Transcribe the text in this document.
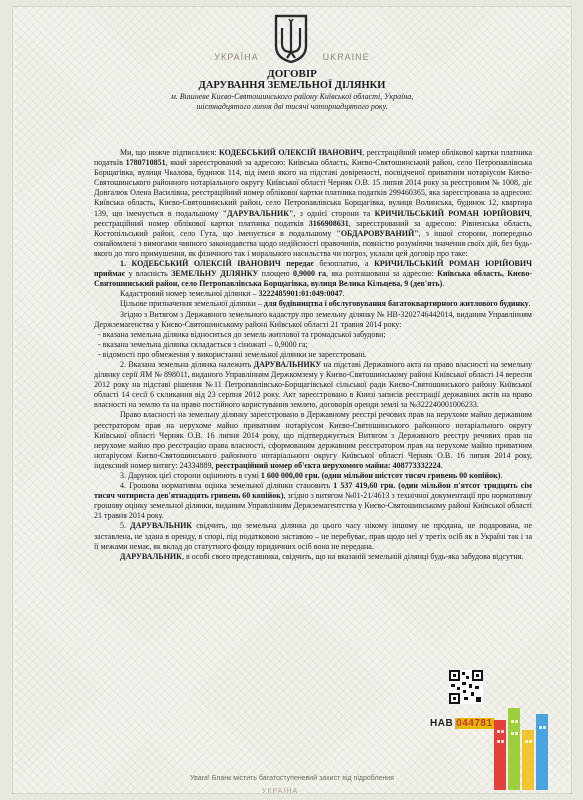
УКРАЇНА	UKRAINE
ДОГОВІР
ДАРУВАННЯ ЗЕМЕЛЬНОЇ ДІЛЯНКИ
м. Вишневе Києво-Святошинського району Київської області, Україна,
шістнадцятого липня дві тисячі чотирнадцятого року.

Ми, що нижче підписалися: КОДЕБСЬКИЙ ОЛЕКСІЙ ІВАНОВИЧ, реєстраційний номер облікової картки платника податків 1780710851, який зареєстрований за адресою: Київська область, Києво-Святошинський район, село Петропавлівська Борщагівка, вулиця Чкалова, будинок 114, від імені якого на підставі довіреності, посвідченої приватним нотаріусом Києво-Святошинського районного нотаріального округу Київської області Черняк О.В. 15 липня 2014 року за реєстровим № 1008, діє Довгалюк Олена Василівна, реєстраційний номер облікової картки платника податків 299460365, яка зареєстрована за адресою: Київська область, Києво-Святошинський район, село Петропавлівська Борщагівка, вулиця Волинська, будинок 12, квартира 139, що іменується в подальшому "ДАРУВАЛЬНИК", з однієї сторони та КРИЧИЛЬСЬКИЙ РОМАН ЮРІЙОВИЧ, реєстраційний номер облікової картки платника податків 3166908631, зареєстрований за адресою: Рівненська область, Костопільський район, село Гута, що іменується в подальшому "ОБДАРОВУВАНИЙ", з іншої сторони, попередньо ознайомлені з вимогами чинного законодавства щодо недійсності правочинів, повністю розуміючи значення своїх дій, без будь-якого до того примушення, як фізичного так і морального насильства чи погроз, уклали цей договір про таке:

1. КОДЕБСЬКИЙ ОЛЕКСІЙ ІВАНОВИЧ передає безоплатно, а КРИЧИЛЬСЬКИЙ РОМАН ЮРІЙОВИЧ приймає у власність ЗЕМЕЛЬНУ ДІЛЯНКУ площею 0,9000 га, яка розташована за адресою: Київська область, Києво-Святошинський район, село Петропавлівська Борщагівка, вулиця Велика Кільцева, 9 (дев'ять).

Кадастровий номер земельної ділянки – 3222485901:01:049:0047.

Цільове призначення земельної ділянки – для будівництва і обслуговування багатоквартирного житлового будинку.

Згідно з Витягом з Державного земельного кадастру про земельну ділянку № НВ-3202746442014, виданим Управлінням Держземагенства у Києво-Святошинському районі Київської області 21 травня 2014 року:

- вказана земельна ділянка відноситься до земель житлової та громадської забудови;

- вказана земельна ділянка складається з сіножаті – 0,9000 га;

- відомості про обмеження у використанні земельної ділянки не зареєстровані.

2. Вказана земельна ділянка належить ДАРУВАЛЬНИКУ на підставі Державного акта на право власності на земельну ділянку серії ЯМ № 898011, виданого Управлінням Держкомзему у Києво-Святошинському районі Київської області 14 вересня 2012 року на підставі рішення №11 Петропавлівсько-Борщагівської сільської ради Києво-Святошинського району Київської області 14 сесії 6 скликання від 23 серпня 2012 року. Акт зареєстровано в Книзі записів реєстрації державних актів на право власності на землю та на право постійного користування землею, договорів оренди землі за №322240001006233.

Право власності на земельну ділянку зареєстровано в Державному реєстрі речових прав на нерухоме майно державним реєстратором прав на нерухоме майно приватним нотаріусом Києво-Святошинського районного нотаріального округу Київської області Черняк О.В. 16 липня 2014 року, що підтверджується Витягом з Державного реєстру речових прав на нерухоме майно про реєстрацію права власності, сформованим державним реєстратором прав на нерухоме майно приватним нотаріусом Києво-Святошинського районного нотаріального округу Київської області Черняк О.В. 16 липня 2014 року, індексний номер витягу: 24334889, реєстраційний номер об'єкта нерухомого майна: 408773332224.

3. Дарунок цієї сторони оцінюють в сумі 1 600 000,00 грн. (один мільйон шістсот тисяч гривень 00 копійок).

4. Грошова нормативна оцінка земельної ділянки становить 1 537 419,60 грн. (один мільйон п'ятсот тридцять сім тисяч чотириста дев'ятнадцять гривень 60 копійок), згідно з витягом №01-21/4613 з технічної документації про нормативну грошову оцінку земельної ділянки, виданим Управлінням Держземагентства у Києво-Святошинському районі Київської області 21 травня 2014 року.

5. ДАРУВАЛЬНИК свідчить, що земельна ділянка до цього часу нікому іншому не продана, не подарована, не заставлена, не здана в оренду, в спорі, під податковою заставою – не перебуває, прав щодо неї у третіх осіб як в Україні так і за її межами немає, як вклад до статутного фонду юридичних осіб вона не передана.

ДАРУВАЛЬНИК, в особі свого представника, свідчить, що на вказаній земельній ділянці будь-яка забудова відсутня.

НАВ 044781
Увага! Бланк містить багатоступеневий захист від підроблення
УКРАЇНА
